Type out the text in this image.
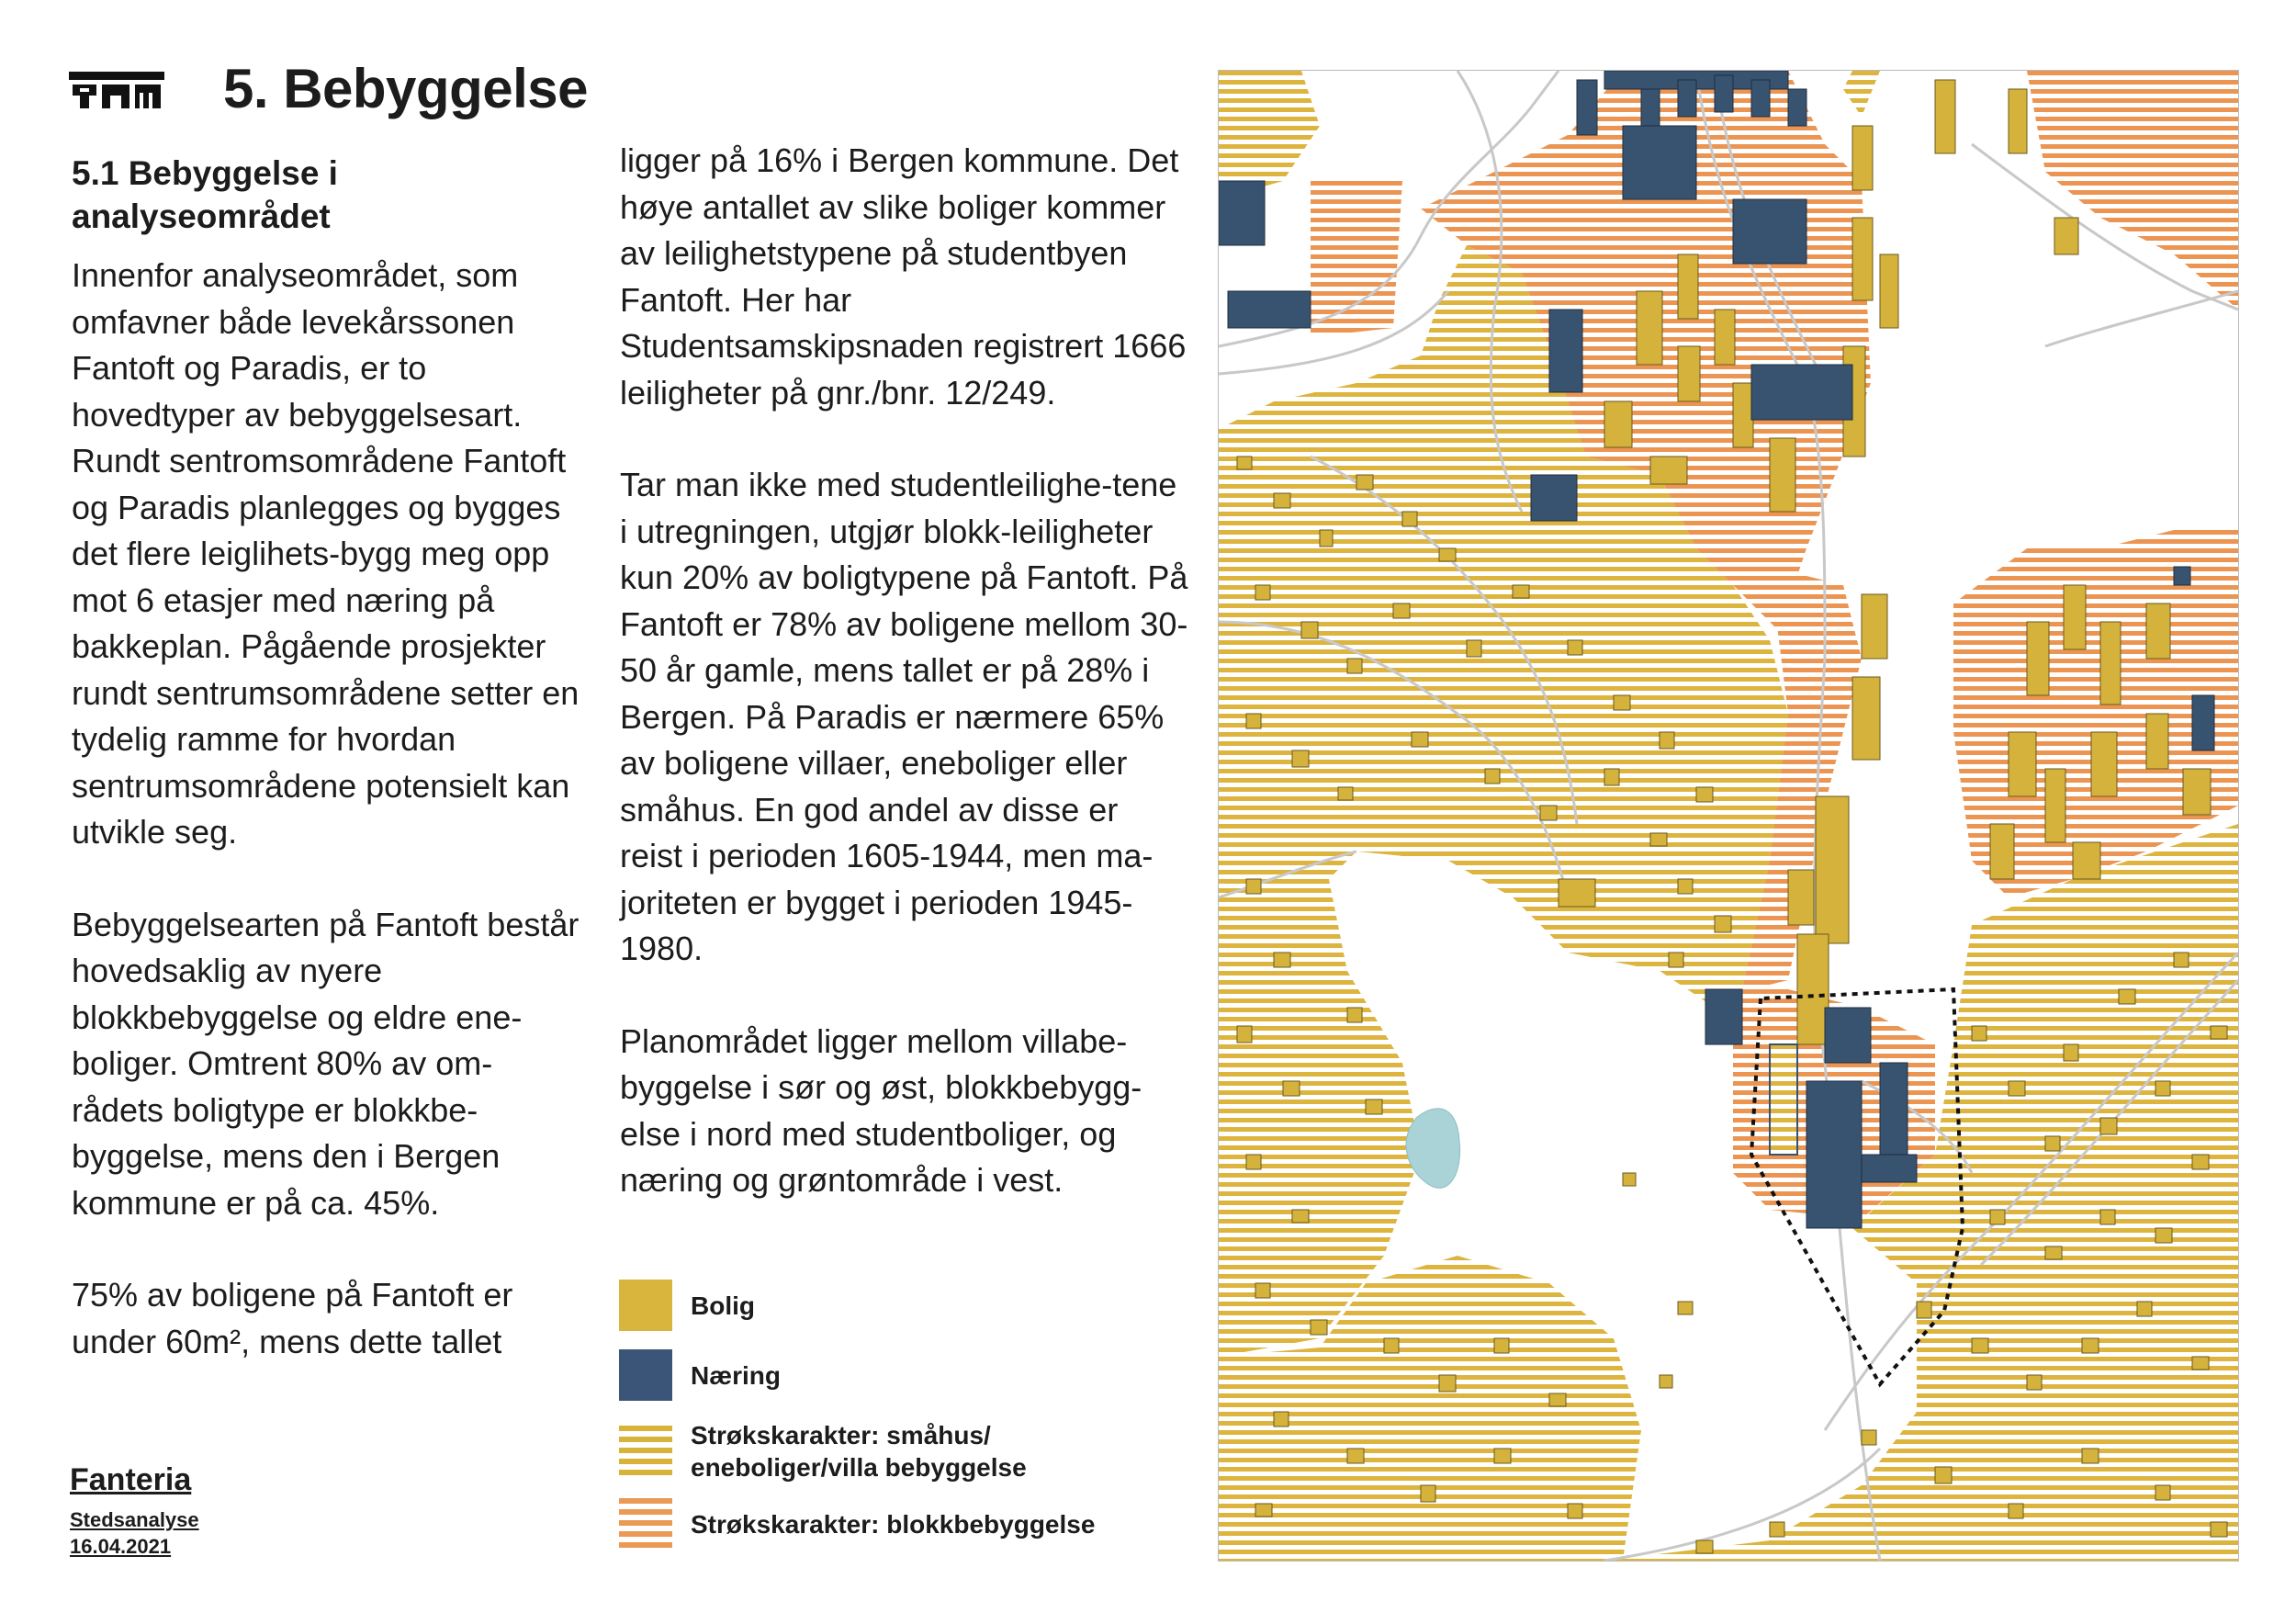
5. Bebyggelse
5.1 Bebyggelse i analyseområdet

Innenfor analyseområdet, som omfavner både levekårssonen Fantoft og Paradis, er to hovedtyper av bebyggelsesart. Rundt sentromsområdene Fantoft og Paradis planlegges og bygges det flere leiglihets-bygg meg opp mot 6 etasjer med næring på bakkeplan. Pågående prosjekter rundt sentrumsområdene setter en tydelig ramme for hvordan sentrumsområdene potensielt kan utvikle seg.

Bebyggelsearten på Fantoft består hovedsaklig av nyere blokkbebyggelse og eldre ene-boliger. Omtrent 80% av om-rådets boligtype er blokkbe-byggelse, mens den i Bergen kommune er på ca. 45%.

75% av boligene på Fantoft er under 60m², mens dette tallet

ligger på 16% i Bergen kommune. Det høye antallet av slike boliger kommer av leilighetstypene på studentbyen Fantoft. Her har Studentsamskipsnaden registrert 1666 leiligheter på gnr./bnr. 12/249.

Tar man ikke med studentleilighe-tene i utregningen, utgjør blokk-leiligheter kun 20% av boligtypene på Fantoft. På Fantoft er 78% av boligene mellom 30-50 år gamle, mens tallet er på 28% i Bergen. På Paradis er nærmere 65% av boligene villaer, eneboliger eller småhus. En god andel av disse er reist i perioden 1605-1944, men ma-joriteten er bygget i perioden 1945-1980.

Planområdet ligger mellom villabe-byggelse i sør og øst, blokkbebygg-else i nord med studentboliger, og næring og grøntområde i vest.

Bolig
Næring
Strøkskarakter: småhus/ eneboliger/villa bebyggelse
Strøkskarakter: blokkbebyggelse
Fanteria
Stedsanalyse
16.04.2021
